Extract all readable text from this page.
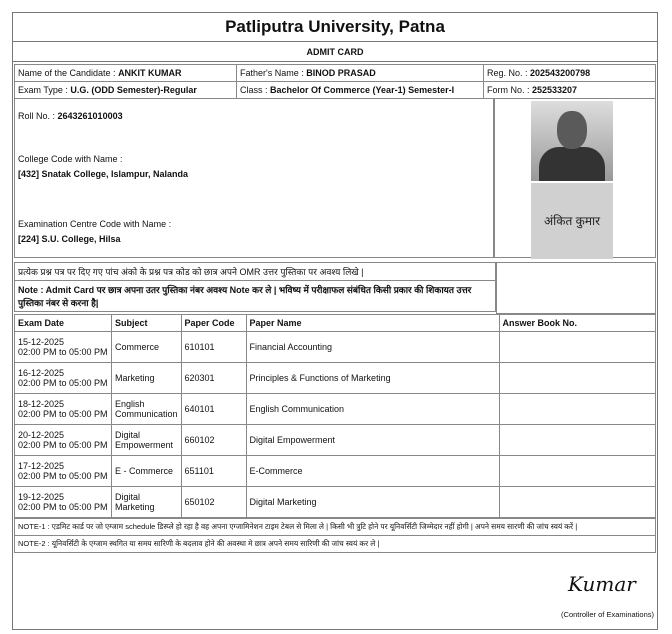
Patliputra University, Patna
ADMIT CARD
Name of the Candidate : ANKIT KUMAR	Father's Name : BINOD PRASAD	Reg. No. : 202543200798
Exam Type : U.G. (ODD Semester)-Regular	Class : Bachelor Of Commerce (Year-1) Semester-I	Form No. : 252533207
Roll No. : 2643261010003
College Code with Name :
[432] Snatak College, Islampur, Nalanda
Examination Centre Code with Name :
[224] S.U. College, Hilsa
अंकित कुमार
प्रत्येक प्रश्न पत्र पर दिए गए पांच अंको के प्रश्न पत्र कोड को छात्र अपने OMR उत्तर पुस्तिका पर अवश्य लिखे |
Note : Admit Card पर छात्र अपना उतर पुस्तिका नंबर अवश्य Note कर ले | भविष्य में परीक्षाफल संबंधित किसी प्रकार की शिकायत उत्तर पुस्तिका नंबर से करना है|
Exam Date	Subject	Paper Code	Paper Name	Answer Book No.
15-12-2025
02:00 PM to 05:00 PM	Commerce	610101	Financial Accounting	
16-12-2025
02:00 PM to 05:00 PM	Marketing	620301	Principles & Functions of Marketing	
18-12-2025
02:00 PM to 05:00 PM	English Communication	640101	English Communication	
20-12-2025
02:00 PM to 05:00 PM	Digital Empowerment	660102	Digital Empowerment	
17-12-2025
02:00 PM to 05:00 PM	E - Commerce	651101	E-Commerce	
19-12-2025
02:00 PM to 05:00 PM	Digital Marketing	650102	Digital Marketing	
NOTE-1 : एडमिट कार्ड पर जो एग्जाम schedule डिस्प्ले हो रहा है वह अपना एग्जामिनेशन टाइम टेबल से मिला ले | किसी भी त्रुटि होने पर यूनिवर्सिटी जिम्मेदार नहीं होगी | अपने समय सारणी की जांच स्वयं करें |
NOTE-2 : यूनिवर्सिटी के एग्जाम स्थगित या समय सारिणी के बदलाव होने की अवस्था मे छात्र अपने समय सारिणी की जांच स्वयं कर ले |
Kumar
(Controller of Examinations)
